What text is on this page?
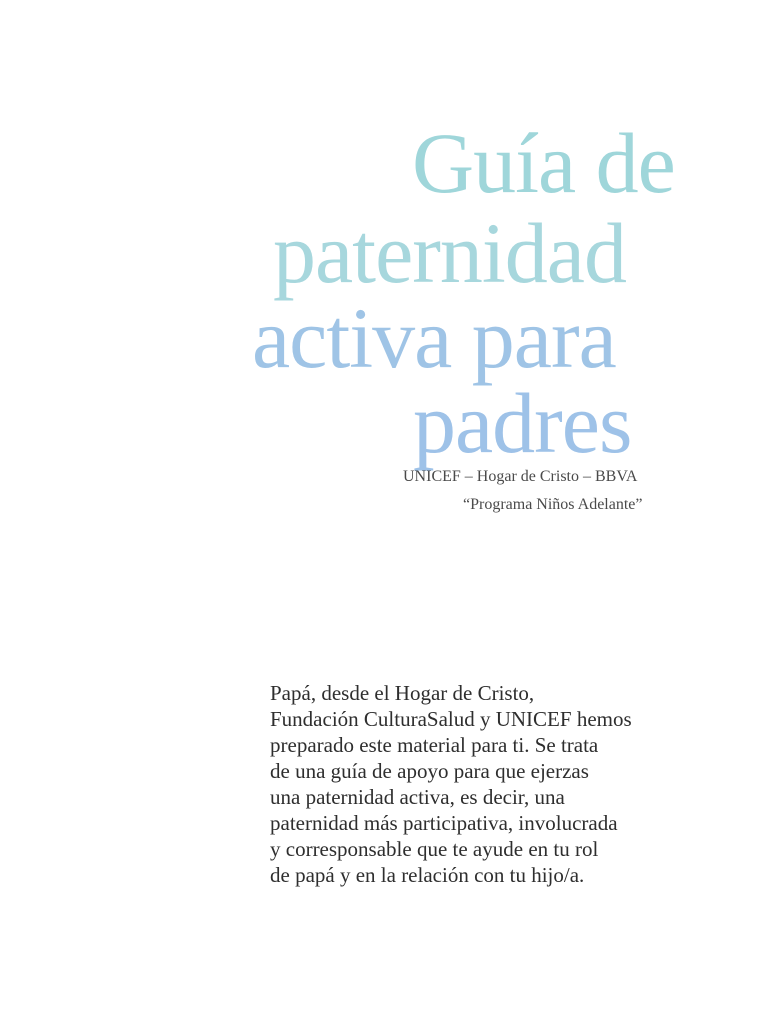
Guía de
paternidad
activa para
padres
UNICEF – Hogar de Cristo – BBVA
“Programa Niños Adelante”
Papá, desde el Hogar de Cristo,
Fundación CulturaSalud y UNICEF hemos
preparado este material para ti. Se trata
de una guía de apoyo para que ejerzas
una paternidad activa, es decir, una
paternidad más participativa, involucrada
y corresponsable que te ayude en tu rol
de papá y en la relación con tu hijo/a.
